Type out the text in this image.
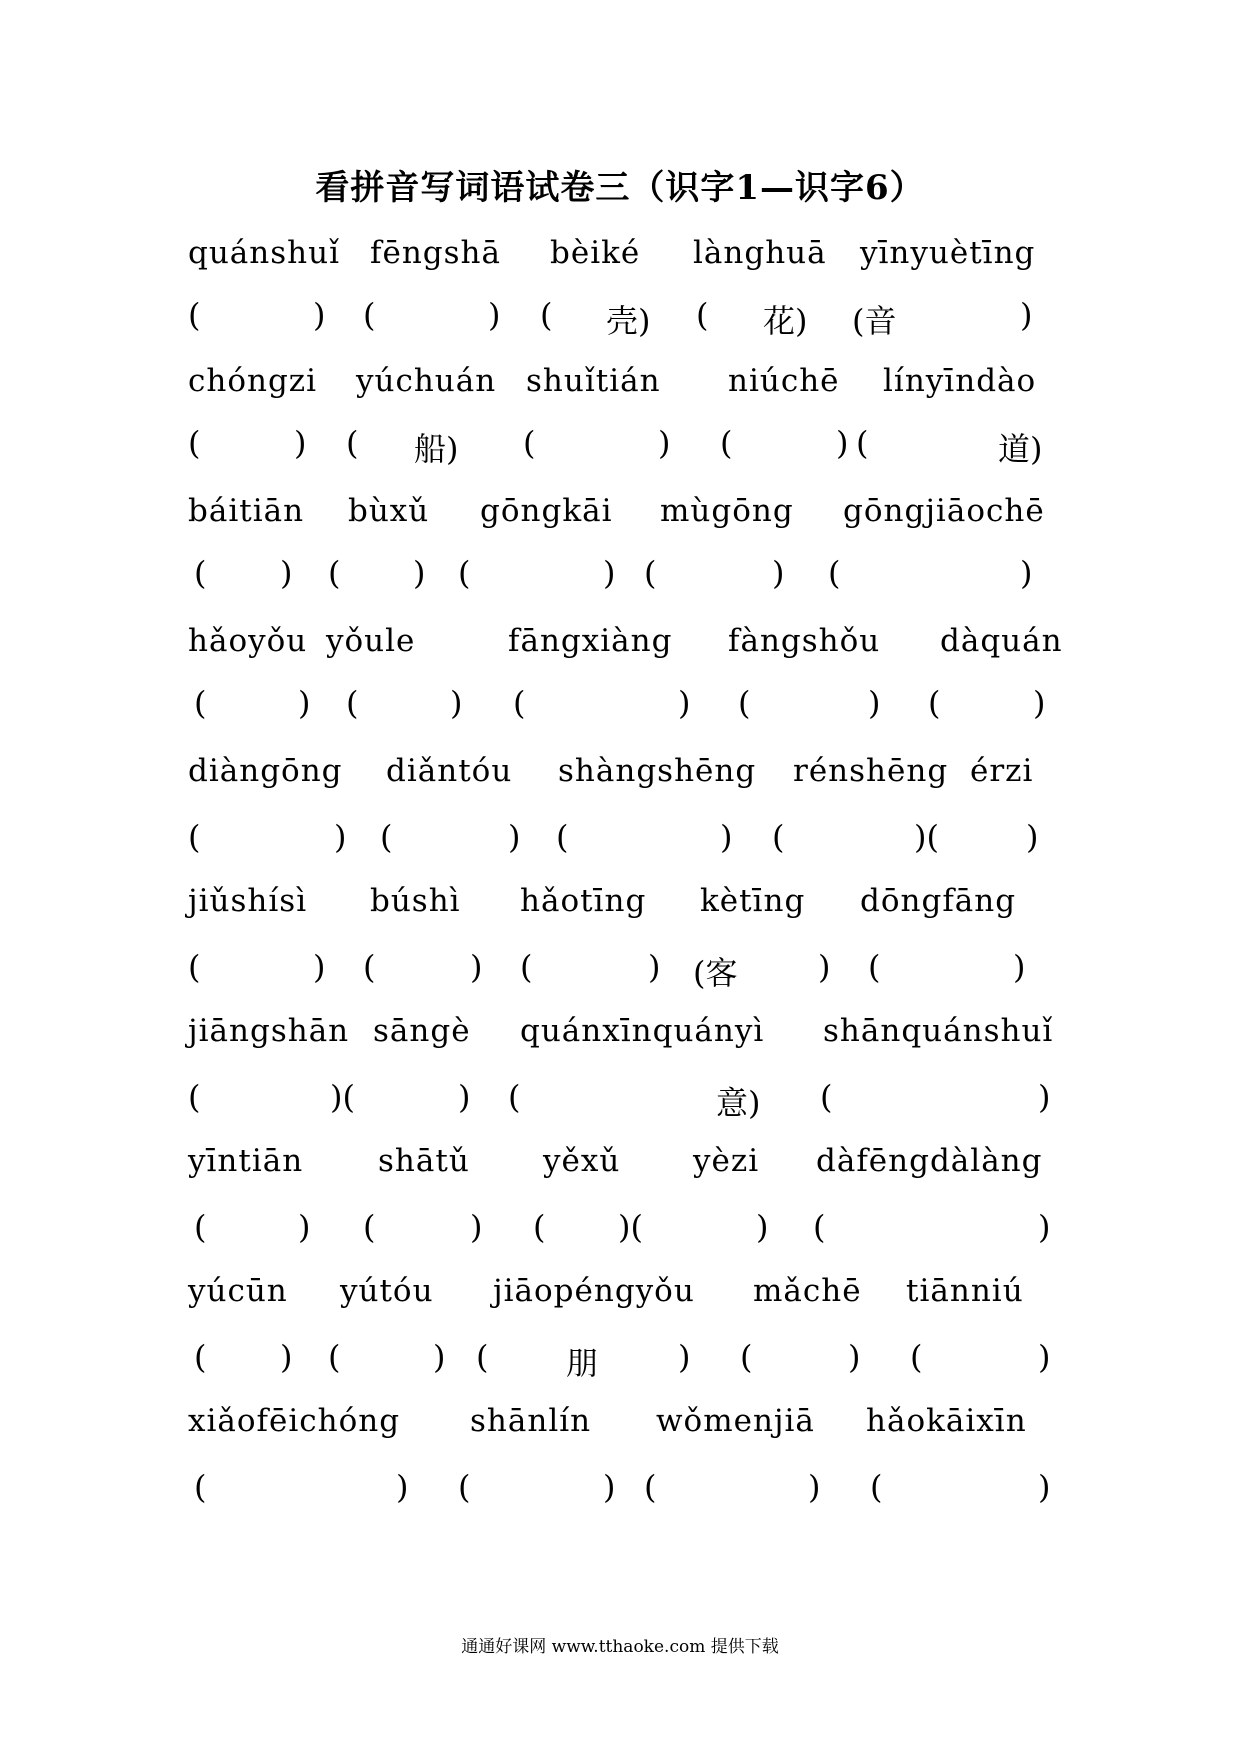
看拼音写词语试卷三（识字1—识字6）
quánshuǐ fēngshā bèiké lànghuā yīnyuètīng
(	) (	) ( 壳) ( 花) (音	)
chóngzi yúchuán shuǐtián niúchē línyīndào
(	) ( 船) (	) (	) (	道)
báitiān bùxǔ gōngkāi mùgōng gōngjiāochē
( ) ( ) (	) (	) (	)
hǎoyǒu yǒule	fāngxiàng fàngshǒu dàquán
(	) (	) (	) (	) (	)
diàngōng diǎntóu shàngshēng rénshēng érzi
(	) (	) (	) (	)(	)
jiǔshísì búshì hǎotīng kètīng dōngfāng
(	) (	) (	) (客	) (	)
jiāngshān sāngè quánxīnquányì shānquánshuǐ
(	)(	) (	意) (	)
yīntiān shātǔ yěxǔ yèzi dàfēngdàlàng
(	) (	) ( )(	) (	)
yúcūn yútóu jiāopéngyǒu mǎchē tiānniú
( ) (	) ( 朋 ) (	) (	)
xiǎofēichóng shānlín wǒmenjiā hǎokāixīn
(	) (	) (	) (	)
通通好课网 www.tthaoke.com 提供下载
